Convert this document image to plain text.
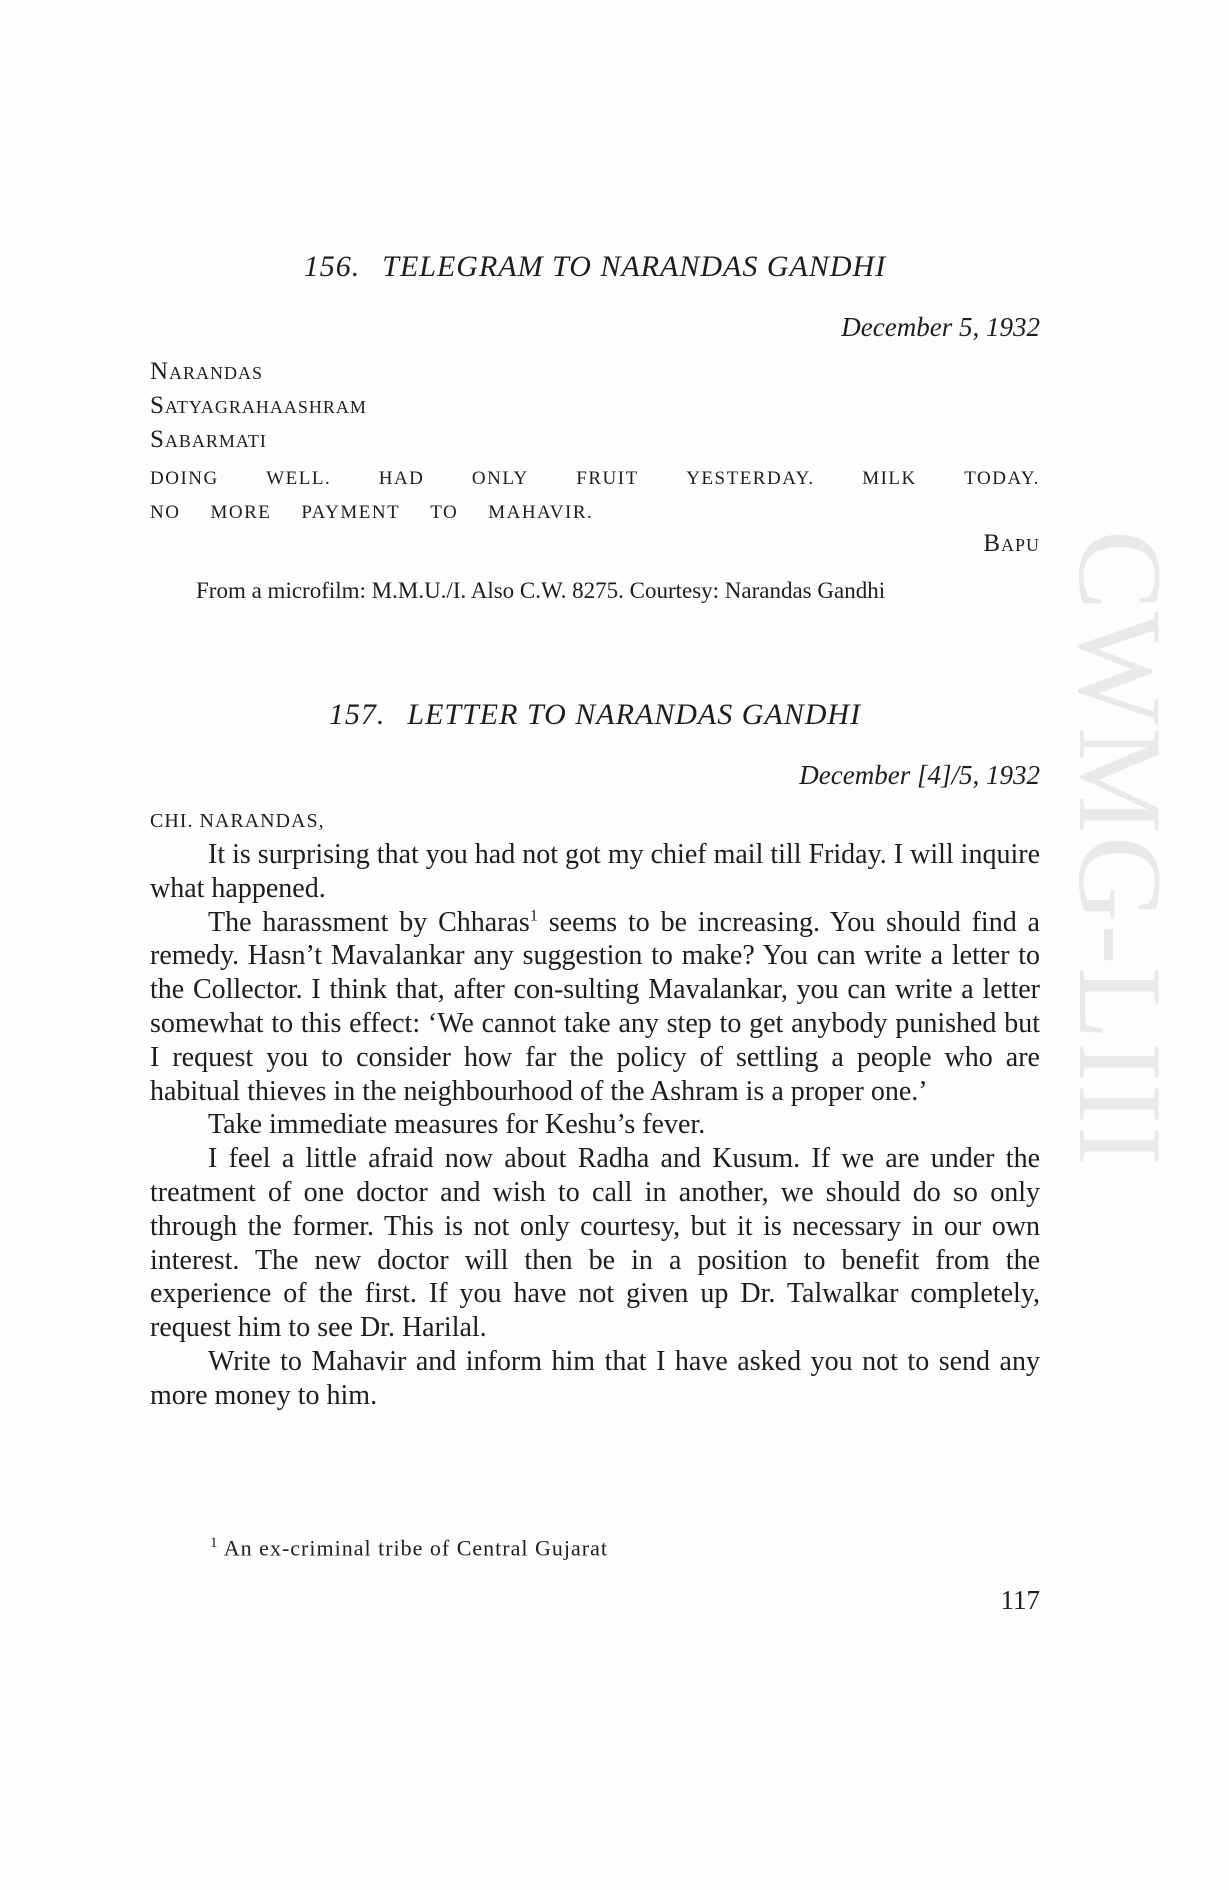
CWMG-LIII
156. TELEGRAM TO NARANDAS GANDHI
December 5, 1932
Narandas
Satyagrahaashram
Sabarmati
DOING	WELL.	HAD	ONLY	FRUIT	YESTERDAY.	MILK	TODAY.
NO MORE PAYMENT TO MAHAVIR.
Bapu
From a microfilm: M.M.U./I. Also C.W. 8275. Courtesy: Narandas Gandhi
157. LETTER TO NARANDAS GANDHI
December [4]/5, 1932
CHI. NARANDAS,

It is surprising that you had not got my chief mail till Friday. I will inquire what happened.

The harassment by Chharas$^1$ seems to be increasing. You should find a remedy. Hasn’t Mavalankar any suggestion to make? You can write a letter to the Collector. I think that, after con-sulting Mavalankar, you can write a letter somewhat to this effect: ‘We cannot take any step to get anybody punished but I request you to consider how far the policy of settling a people who are habitual thieves in the neighbourhood of the Ashram is a proper one.’

Take immediate measures for Keshu’s fever.

I feel a little afraid now about Radha and Kusum. If we are under the treatment of one doctor and wish to call in another, we should do so only through the former. This is not only courtesy, but it is necessary in our own interest. The new doctor will then be in a position to benefit from the experience of the first. If you have not given up Dr. Talwalkar completely, request him to see Dr. Harilal.

Write to Mahavir and inform him that I have asked you not to send any more money to him.

$^1$ An ex-criminal tribe of Central Gujarat
117
